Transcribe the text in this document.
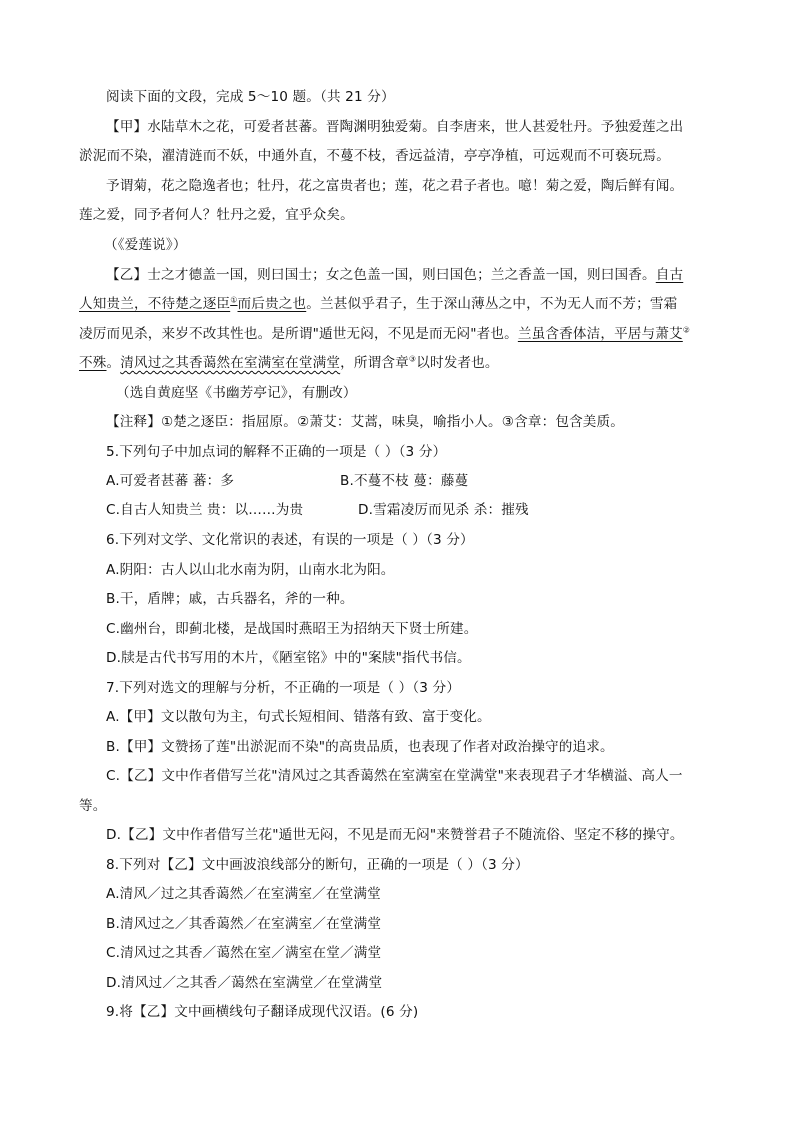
阅读下面的文段，完成 5～10 题。（共 21 分）
【甲】水陆草木之花，可爱者甚蕃。晋陶渊明独爱菊。自李唐来，世人甚爱牡丹。予独爱莲之出
淤泥而不染，濯清涟而不妖，中通外直，不蔓不枝，香远益清，亭亭净植，可远观而不可亵玩焉。
予谓菊，花之隐逸者也；牡丹，花之富贵者也；莲，花之君子者也。噫！菊之爱，陶后鲜有闻。
莲之爱，同予者何人？牡丹之爱，宜乎众矣。
（《爱莲说》）
【乙】士之才德盖一国，则曰国士；女之色盖一国，则曰国色；兰之香盖一国，则曰国香。自古
人知贵兰，不待楚之逐臣①而后贵之也。兰甚似乎君子，生于深山薄丛之中，不为无人而不芳；雪霜
凌厉而见杀，来岁不改其性也。是所谓"遁世无闷，不见是而无闷"者也。兰虽含香体洁，平居与萧艾②
不殊。清风过之其香蔼然在室满室在堂满堂，所谓含章③以时发者也。
（选自黄庭坚《书幽芳亭记》，有删改）
【注释】①楚之逐臣：指屈原。②萧艾：艾蒿，味臭，喻指小人。③含章：包含美质。
5.下列句子中加点词的解释不正确的一项是（ ）（3 分）
A.可爱者甚蕃 蕃：多	B.不蔓不枝 蔓：藤蔓
C.自古人知贵兰 贵：以……为贵	D.雪霜凌厉而见杀 杀：摧残
6.下列对文学、文化常识的表述，有误的一项是（ ）（3 分）
A.阴阳：古人以山北水南为阴，山南水北为阳。
B.干，盾牌；戚，古兵器名，斧的一种。
C.幽州台，即蓟北楼，是战国时燕昭王为招纳天下贤士所建。
D.牍是古代书写用的木片，《陋室铭》中的"案牍"指代书信。
7.下列对选文的理解与分析，不正确的一项是（ ）（3 分）
A.【甲】文以散句为主，句式长短相间、错落有致、富于变化。
B.【甲】文赞扬了莲"出淤泥而不染"的高贵品质，也表现了作者对政治操守的追求。
C.【乙】文中作者借写兰花"清风过之其香蔼然在室满室在堂满堂"来表现君子才华横溢、高人一
等。
D.【乙】文中作者借写兰花"遁世无闷，不见是而无闷"来赞誉君子不随流俗、坚定不移的操守。
8.下列对【乙】文中画波浪线部分的断句，正确的一项是（ ）（3 分）
A.清风／过之其香蔼然／在室满室／在堂满堂
B.清风过之／其香蔼然／在室满室／在堂满堂
C.清风过之其香／蔼然在室／满室在堂／满堂
D.清风过／之其香／蔼然在室满堂／在堂满堂
9.将【乙】文中画横线句子翻译成现代汉语。(6 分)
